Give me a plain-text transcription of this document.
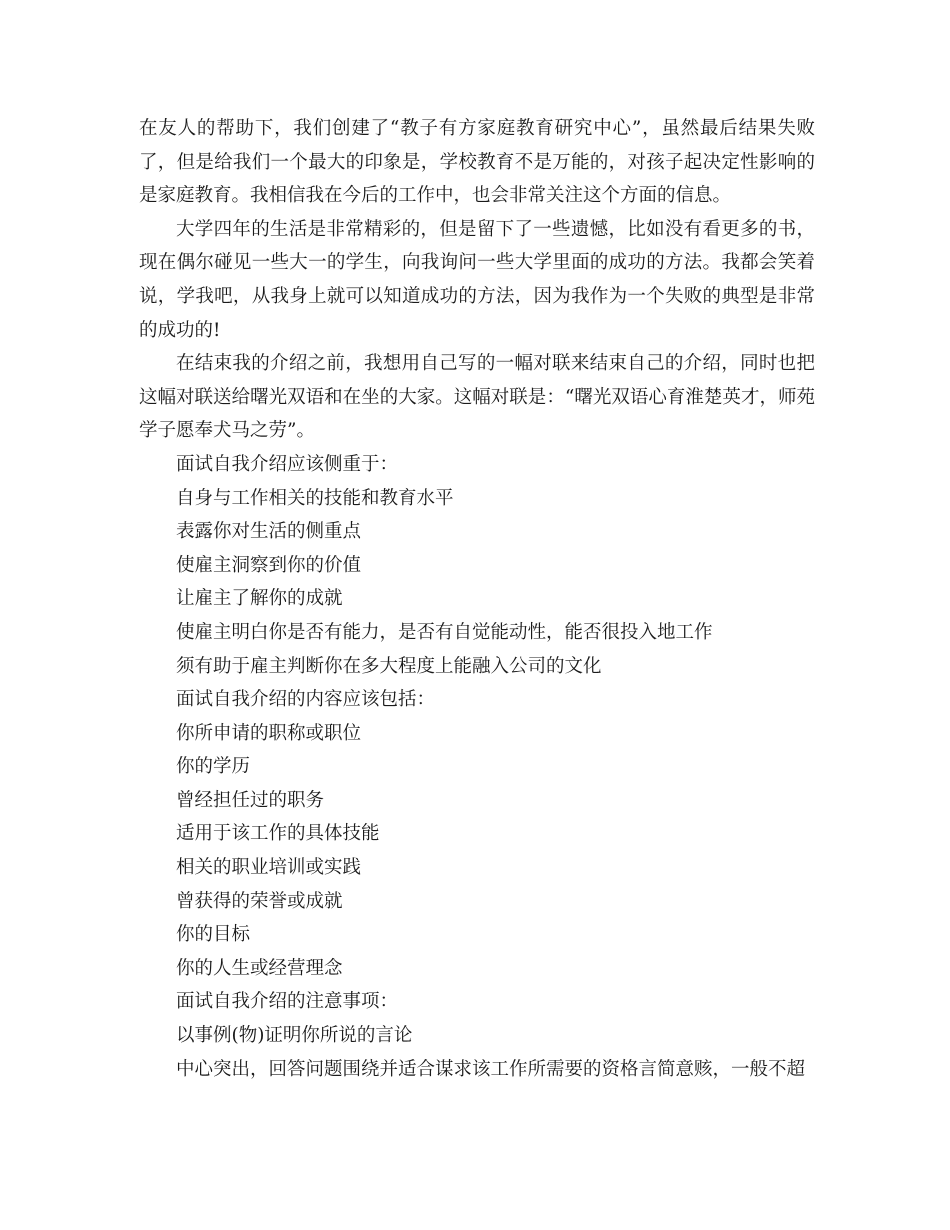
在友人的帮助下，我们创建了“教子有方家庭教育研究中心”，虽然最后结果失败了，但是给我们一个最大的印象是，学校教育不是万能的，对孩子起决定性影响的是家庭教育。我相信我在今后的工作中，也会非常关注这个方面的信息。

大学四年的生活是非常精彩的，但是留下了一些遗憾，比如没有看更多的书，现在偶尔碰见一些大一的学生，向我询问一些大学里面的成功的方法。我都会笑着说，学我吧，从我身上就可以知道成功的方法，因为我作为一个失败的典型是非常的成功的!

在结束我的介绍之前，我想用自己写的一幅对联来结束自己的介绍，同时也把这幅对联送给曙光双语和在坐的大家。这幅对联是：“曙光双语心育淮楚英才，师苑学子愿奉犬马之劳”。

面试自我介绍应该侧重于：

自身与工作相关的技能和教育水平

表露你对生活的侧重点

使雇主洞察到你的价值

让雇主了解你的成就

使雇主明白你是否有能力，是否有自觉能动性，能否很投入地工作

须有助于雇主判断你在多大程度上能融入公司的文化

面试自我介绍的内容应该包括：

你所申请的职称或职位

你的学历

曾经担任过的职务

适用于该工作的具体技能

相关的职业培训或实践

曾获得的荣誉或成就

你的目标

你的人生或经营理念

面试自我介绍的注意事项：

以事例(物)证明你所说的言论

中心突出，回答问题围绕并适合谋求该工作所需要的资格言简意赅，一般不超
